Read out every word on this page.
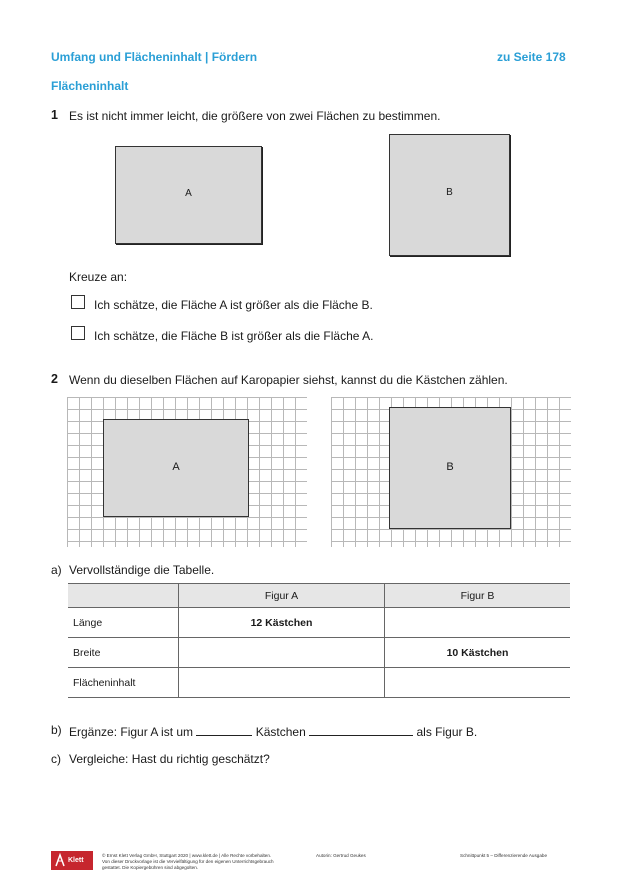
Umfang und Flächeninhalt | Fördern	zu Seite 178
Flächeninhalt
1 Es ist nicht immer leicht, die größere von zwei Flächen zu bestimmen.
A	B
Kreuze an:
Ich schätze, die Fläche A ist größer als die Fläche B.
Ich schätze, die Fläche B ist größer als die Fläche A.
2 Wenn du dieselben Flächen auf Karopapier siehst, kannst du die Kästchen zählen.
A	B
a) Vervollständige die Tabelle.
	Figur A	Figur B
Länge	12 Kästchen	
Breite		10 Kästchen
Flächeninhalt		
b) Ergänze: Figur A ist um	Kästchen	als Figur B.
c) Vergleiche: Hast du richtig geschätzt?
Klett
© Ernst Klett Verlag GmbH, Stuttgart 2020 | www.klett.de | Alle Rechte vorbehalten.
Von dieser Druckvorlage ist die Vervielfältigung für den eigenen Unterrichtsgebrauch
gestattet. Die Kopiergebühren sind abgegolten.
Autorin: Gertrud Geukes	Schnittpunkt 5 – Differenzierende Ausgabe
